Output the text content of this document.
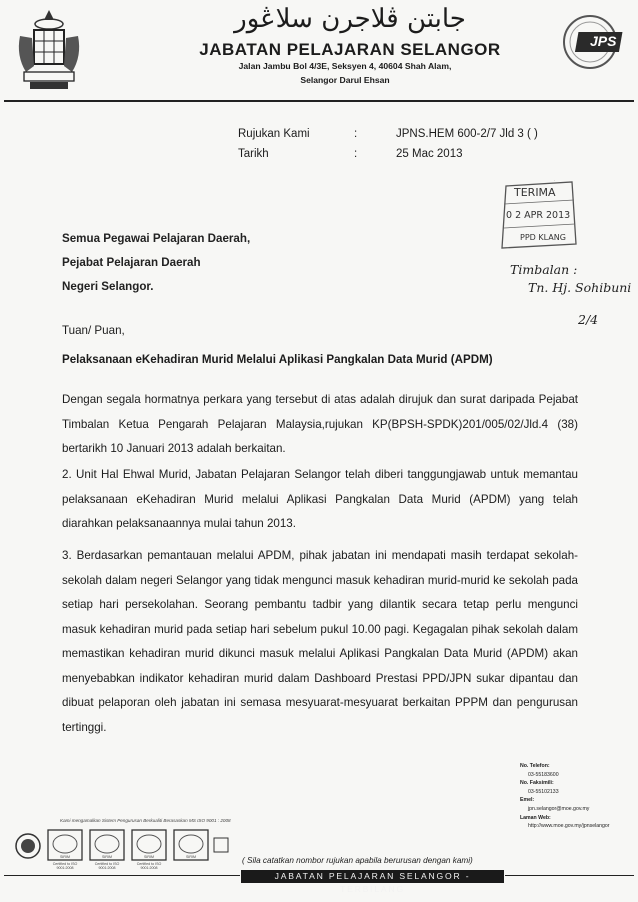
جابتن ڤلاجرن سلاڠور
JABATAN PELAJARAN SELANGOR
Jalan Jambu Bol 4/3E, Seksyen 4, 40604 Shah Alam,
Selangor Darul Ehsan
JPS
Rujukan Kami	:	JPNS.HEM 600-2/7 Jld 3 ( )
Tarikh	:	25 Mac 2013
TERIMA
0 2 APR 2013
PPD KLANG
Timbalan :
Tn. Hj. Sohibuni
2/4
Semua Pegawai Pelajaran Daerah,
Pejabat Pelajaran Daerah
Negeri Selangor.
Tuan/ Puan,
Pelaksanaan eKehadiran Murid Melalui Aplikasi Pangkalan Data Murid (APDM)

Dengan segala hormatnya perkara yang tersebut di atas adalah dirujuk dan surat daripada Pejabat Timbalan Ketua Pengarah Pelajaran Malaysia,rujukan KP(BPSH-SPDK)201/005/02/Jld.4 (38) bertarikh 10 Januari 2013 adalah berkaitan.

2. Unit Hal Ehwal Murid, Jabatan Pelajaran Selangor telah diberi tanggungjawab untuk memantau pelaksanaan eKehadiran Murid melalui Aplikasi Pangkalan Data Murid (APDM) yang telah diarahkan pelaksanaannya mulai tahun 2013.

3. Berdasarkan pemantauan melalui APDM, pihak jabatan ini mendapati masih terdapat sekolah-sekolah dalam negeri Selangor yang tidak mengunci masuk kehadiran murid-murid ke sekolah pada setiap hari persekolahan. Seorang pembantu tadbir yang dilantik secara tetap perlu mengunci masuk kehadiran murid pada setiap hari sebelum pukul 10.00 pagi. Kegagalan pihak sekolah dalam memastikan kehadiran murid dikunci masuk melalui Aplikasi Pangkalan Data Murid (APDM) akan menyebabkan indikator kehadiran murid dalam Dashboard Prestasi PPD/JPN sukar dipantau dan dibuat pelaporan oleh jabatan ini semasa mesyuarat-mesyuarat berkaitan PPPM dan pengurusan tertinggi.

No. Telefon:
03-55183600
No. Faksimili:
03-55102133
Emel:
jpn.selangor@moe.gov.my
Laman Web:
http://www.moe.gov.my/jpnselangor
Kami mengamalkan Sistem Pengurusan Berkualiti Berasaskan MS ISO 9001 : 2008
SIRIM	SIRIM	SIRIM	SIRIM
Certified to ISO 9001:2008
Certified to ISO 9001:2008
Certified to ISO 9001:2008
( Sila catatkan nombor rujukan apabila berurusan dengan kami)
JABATAN PELAJARAN SELANGOR - TERBILANG
